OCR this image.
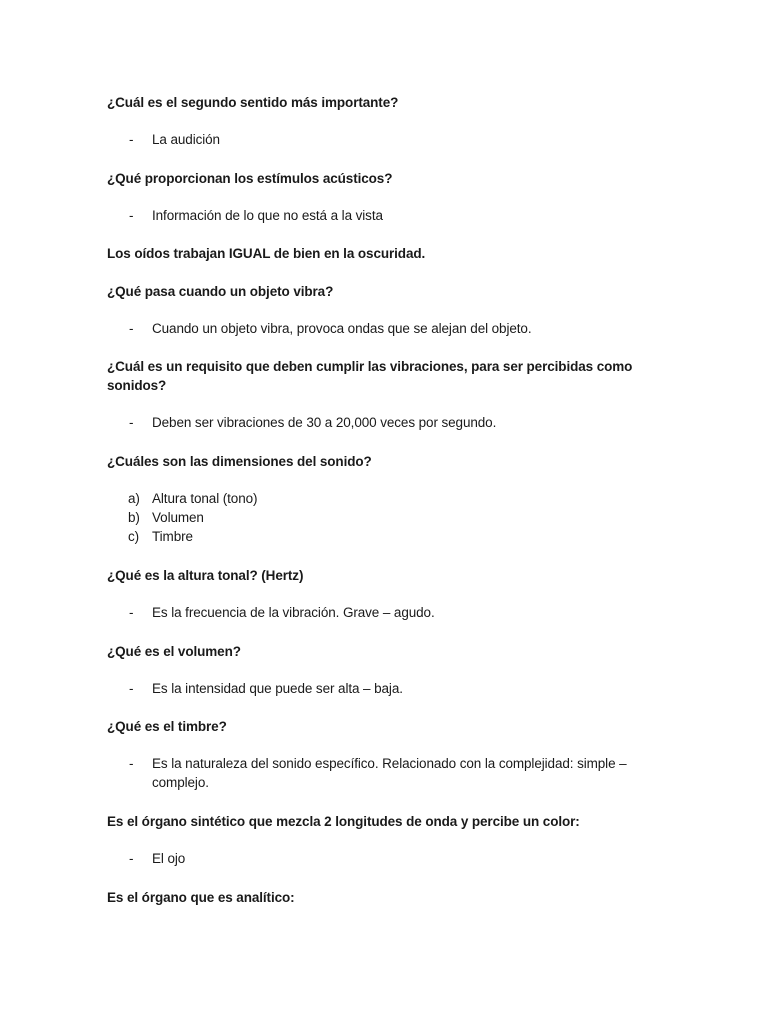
¿Cuál es el segundo sentido más importante?

-	La audición

¿Qué proporcionan los estímulos acústicos?

-	Información de lo que no está a la vista

Los oídos trabajan IGUAL de bien en la oscuridad.

¿Qué pasa cuando un objeto vibra?

-	Cuando un objeto vibra, provoca ondas que se alejan del objeto.

¿Cuál es un requisito que deben cumplir las vibraciones, para ser percibidas como sonidos?

-	Deben ser vibraciones de 30 a 20,000 veces por segundo.

¿Cuáles son las dimensiones del sonido?

a) Altura tonal (tono)
b) Volumen
c) Timbre

¿Qué es la altura tonal? (Hertz)

-	Es la frecuencia de la vibración. Grave – agudo.

¿Qué es el volumen?

-	Es la intensidad que puede ser alta – baja.

¿Qué es el timbre?

-	Es la naturaleza del sonido específico. Relacionado con la complejidad: simple – complejo.

Es el órgano sintético que mezcla 2 longitudes de onda y percibe un color:

-	El ojo

Es el órgano que es analítico:
